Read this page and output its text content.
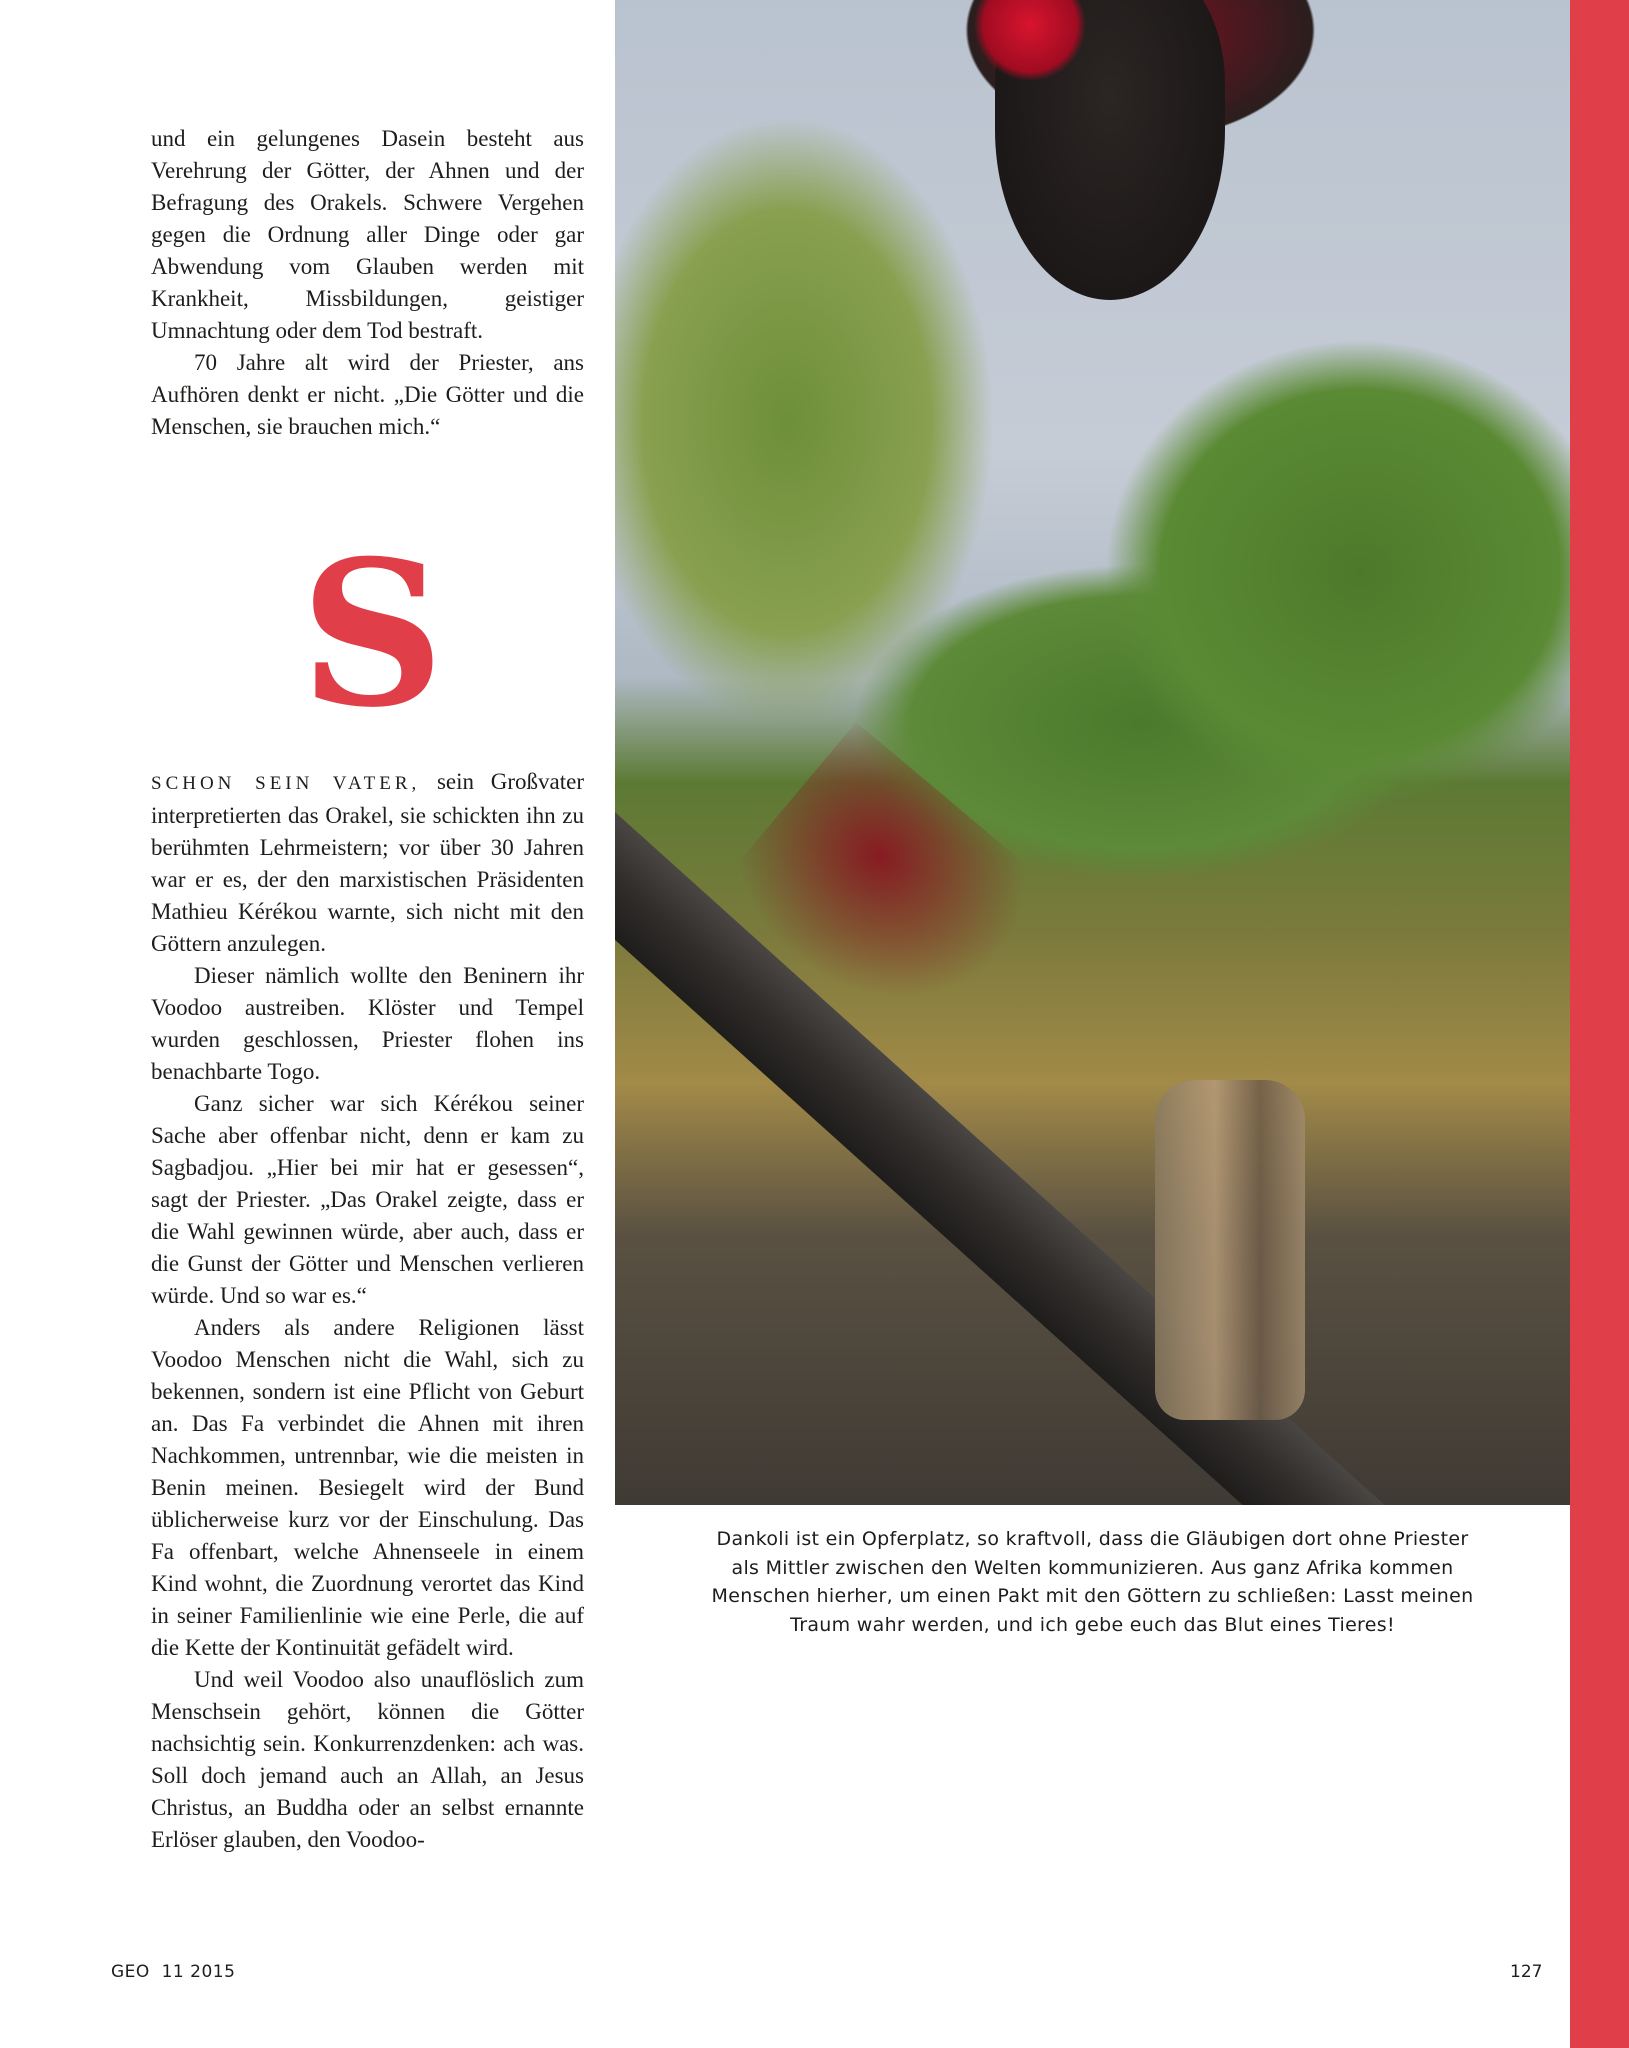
und ein gelungenes Dasein besteht aus Verehrung der Götter, der Ahnen und der Befragung des Orakels. Schwere Vergehen gegen die Ordnung aller Dinge oder gar Abwendung vom Glauben werden mit Krankheit, Missbildungen, geistiger Umnachtung oder dem Tod bestraft.

70 Jahre alt wird der Priester, ans Aufhören denkt er nicht. „Die Götter und die Menschen, sie brauchen mich.“

S

SCHON SEIN VATER, sein Großvater interpretierten das Orakel, sie schickten ihn zu berühmten Lehrmeistern; vor über 30 Jahren war er es, der den marxistischen Präsidenten Mathieu Kérékou warnte, sich nicht mit den Göttern anzulegen.

Dieser nämlich wollte den Beninern ihr Voodoo austreiben. Klöster und Tempel wurden geschlossen, Priester flohen ins benachbarte Togo.

Ganz sicher war sich Kérékou seiner Sache aber offenbar nicht, denn er kam zu Sagbadjou. „Hier bei mir hat er gesessen“, sagt der Priester. „Das Orakel zeigte, dass er die Wahl gewinnen würde, aber auch, dass er die Gunst der Götter und Menschen verlieren würde. Und so war es.“

Anders als andere Religionen lässt Voodoo Menschen nicht die Wahl, sich zu bekennen, sondern ist eine Pflicht von Geburt an. Das Fa verbindet die Ahnen mit ihren Nachkommen, untrennbar, wie die meisten in Benin meinen. Besiegelt wird der Bund üblicherweise kurz vor der Einschulung. Das Fa offenbart, welche Ahnenseele in einem Kind wohnt, die Zuordnung verortet das Kind in seiner Familienlinie wie eine Perle, die auf die Kette der Kontinuität gefädelt wird.

Und weil Voodoo also unauflöslich zum Menschsein gehört, können die Götter nachsichtig sein. Konkurrenzdenken: ach was. Soll doch jemand auch an Allah, an Jesus Christus, an Buddha oder an selbst ernannte Erlöser glauben, den Voodoo-

Dankoli ist ein Opferplatz, so kraftvoll, dass die Gläubigen dort ohne Priester
als Mittler zwischen den Welten kommunizieren. Aus ganz Afrika kommen
Menschen hierher, um einen Pakt mit den Göttern zu schließen: Lasst meinen
Traum wahr werden, und ich gebe euch das Blut eines Tieres!
GEO  11 2015	127
